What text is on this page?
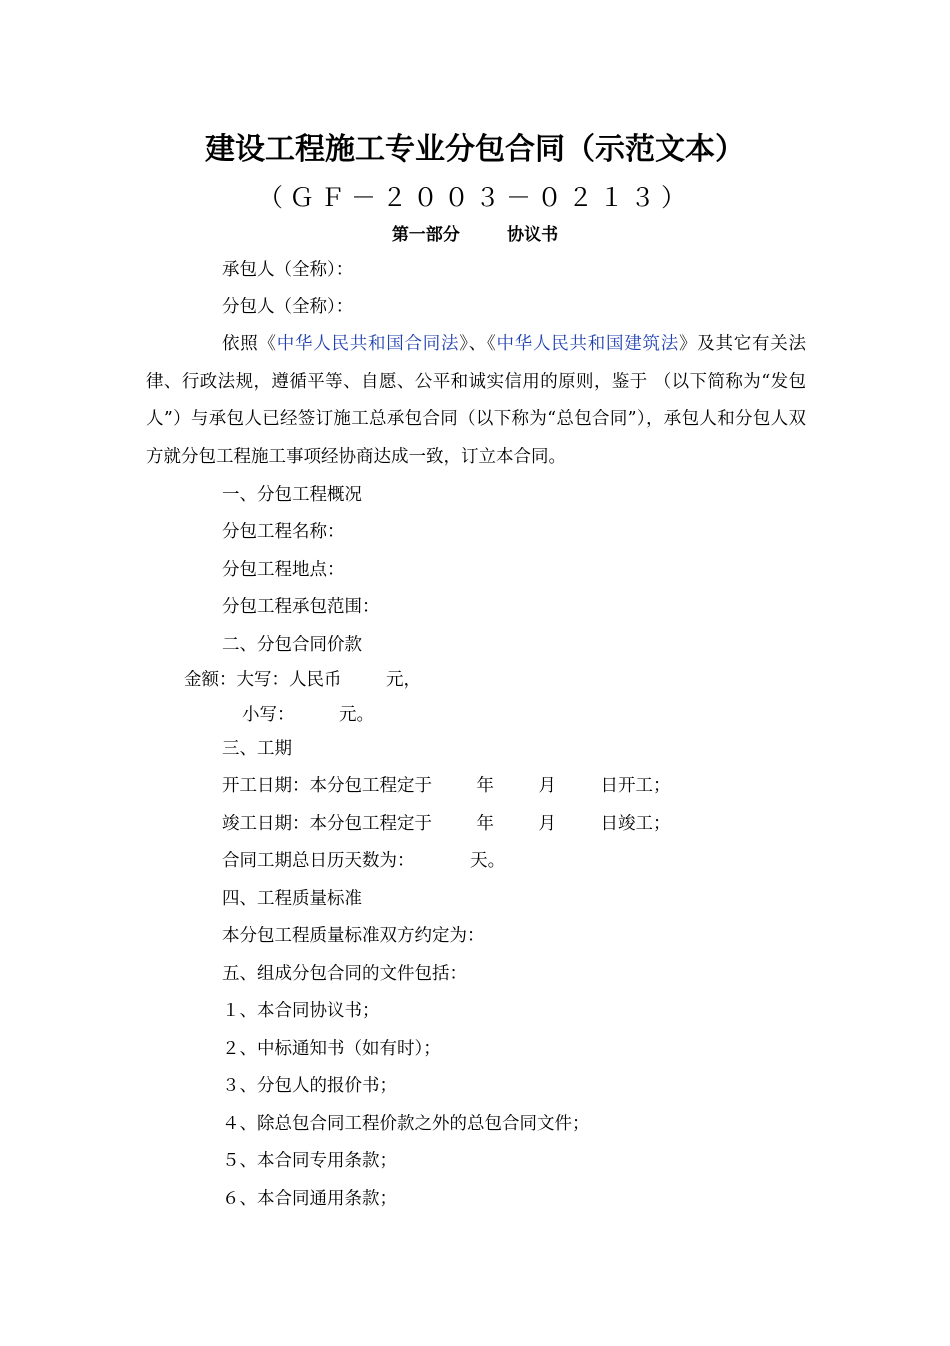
建设工程施工专业分包合同（示范文本）
（ＧＦ－２００３－０２１３）
第一部分        协议书
承包人（全称）：
分包人（全称）：
依照《中华人民共和国合同法》、《中华人民共和国建筑法》及其它有关法律、行政法规，遵循平等、自愿、公平和诚实信用的原则，鉴于 （以下简称为“发包人”）与承包人已经签订施工总承包合同（以下称为“总包合同”），承包人和分包人双方就分包工程施工事项经协商达成一致，订立本合同。
一、分包工程概况
分包工程名称：
分包工程地点：
分包工程承包范围：
二、分包合同价款
金额：大写：人民币        元，
小写：        元。
三、工期
开工日期：本分包工程定于        年        月        日开工；
竣工日期：本分包工程定于        年        月        日竣工；
合同工期总日历天数为：          天。
四、工程质量标准
本分包工程质量标准双方约定为：
五、组成分包合同的文件包括：
１、本合同协议书；
２、中标通知书（如有时）；
３、分包人的报价书；
４、除总包合同工程价款之外的总包合同文件；
５、本合同专用条款；
６、本合同通用条款；
